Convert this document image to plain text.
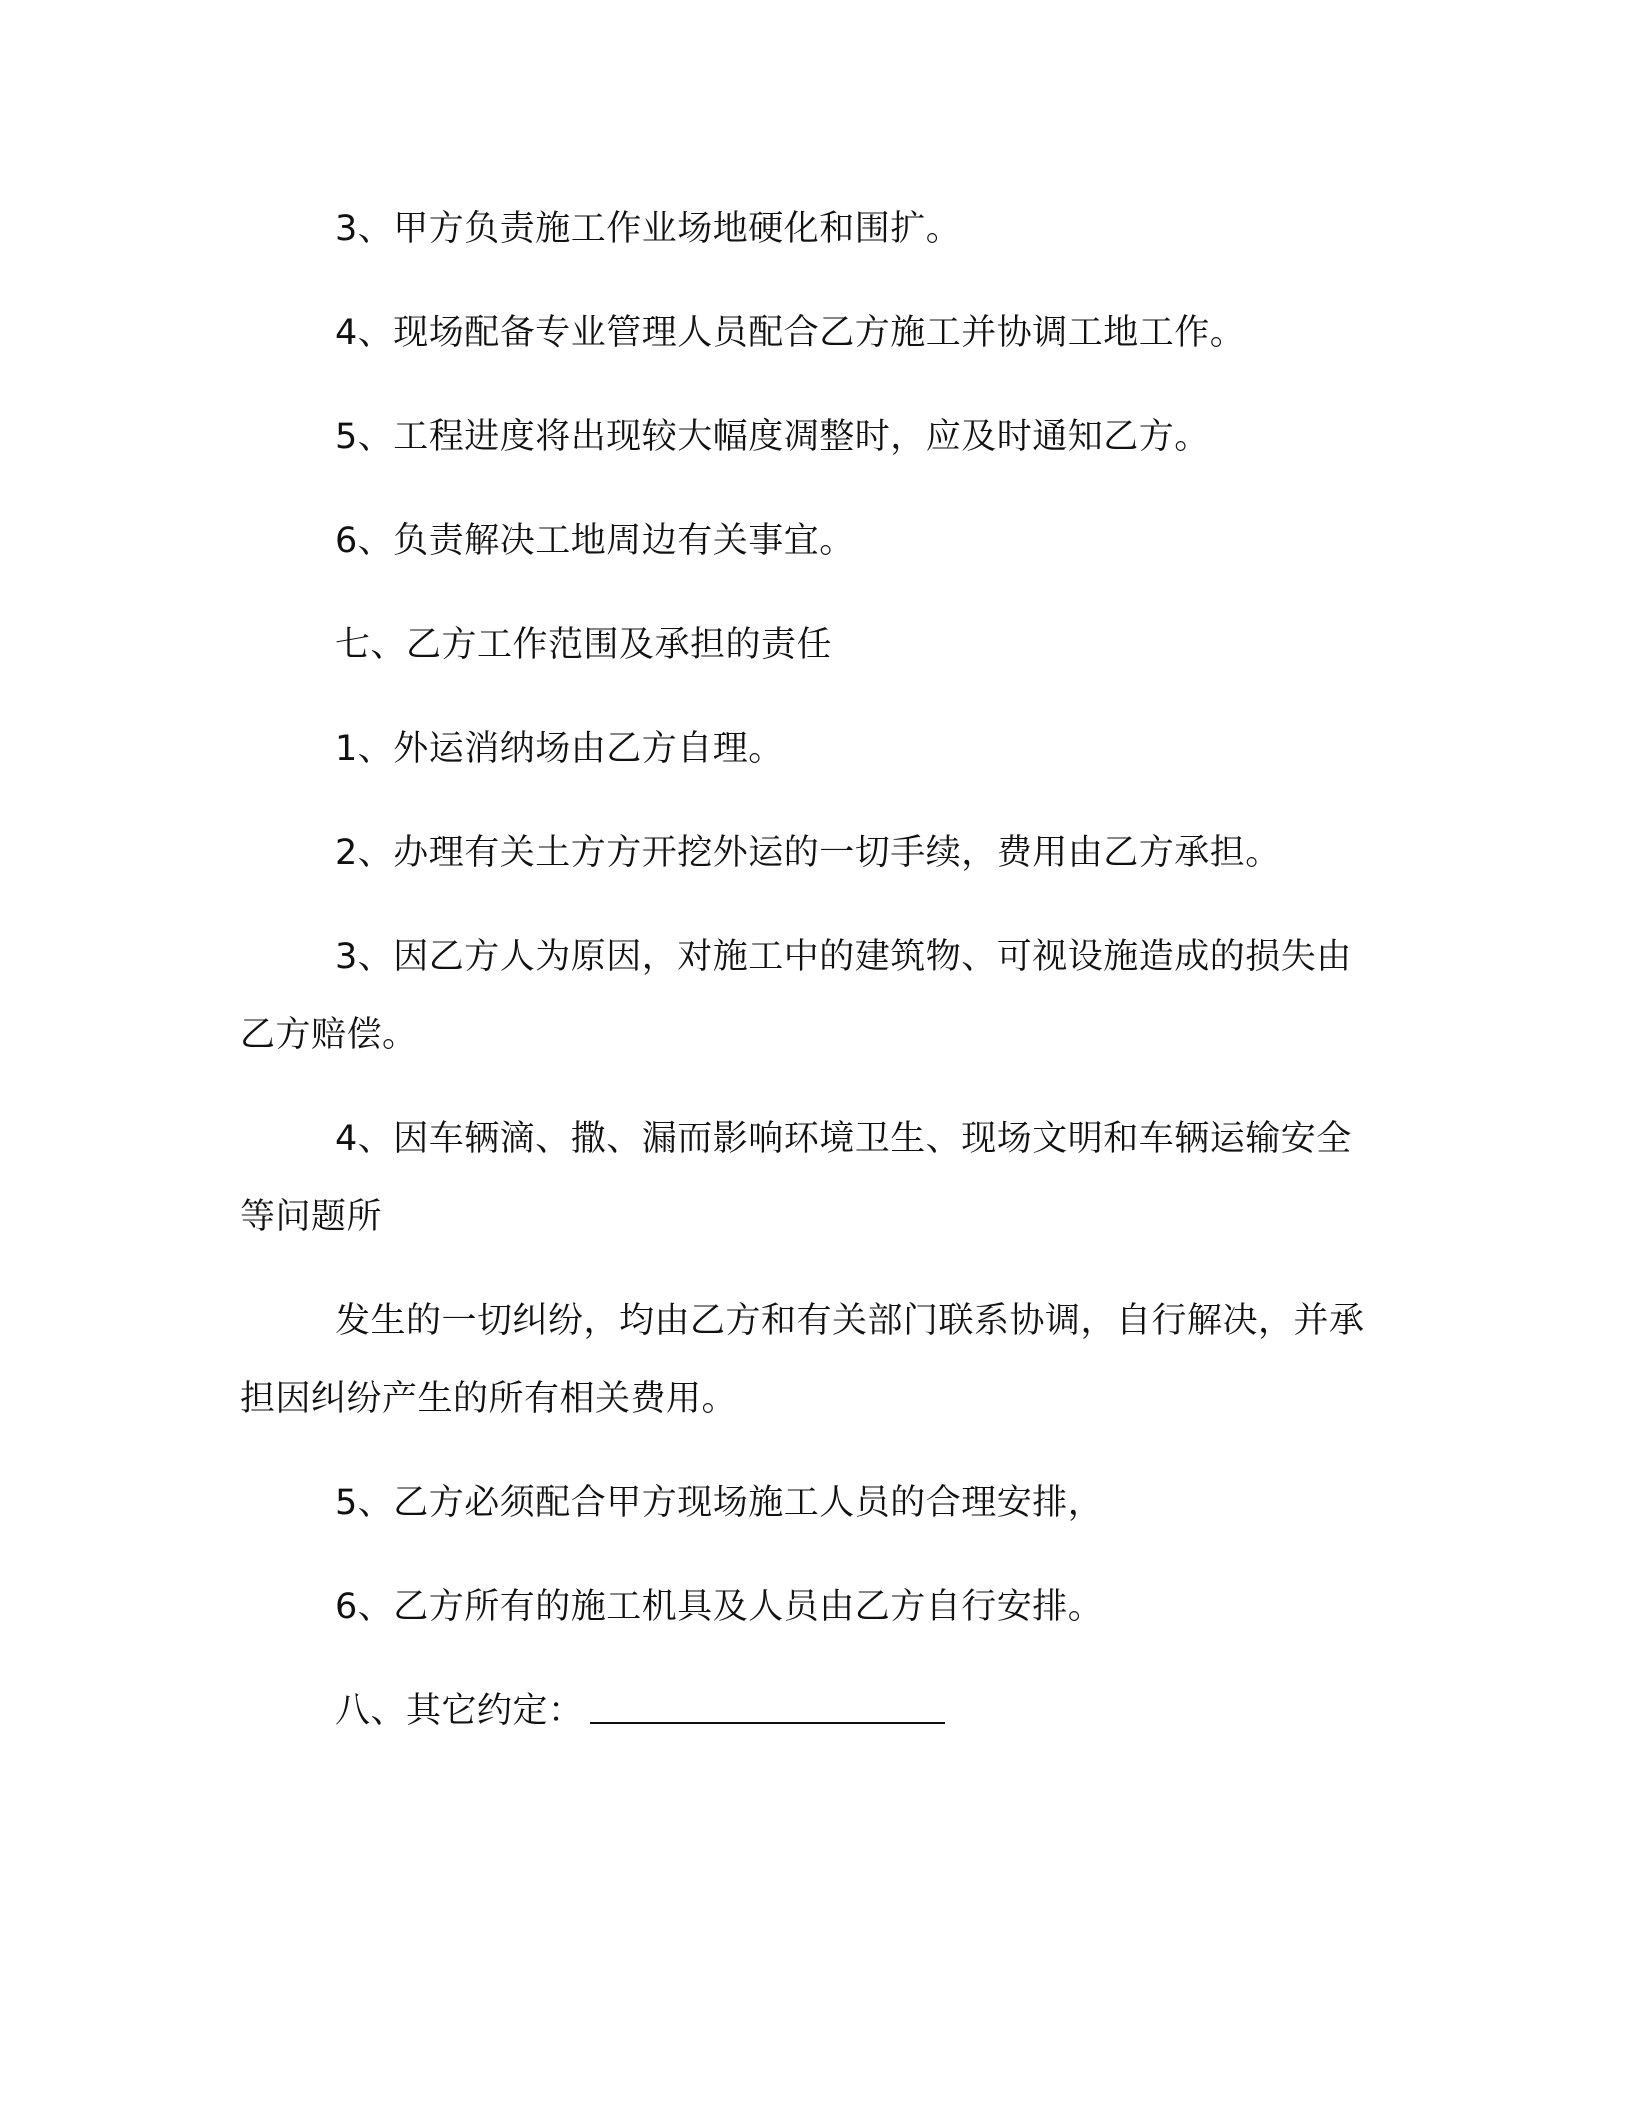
3、甲方负责施工作业场地硬化和围扩。

4、现场配备专业管理人员配合乙方施工并协调工地工作。

5、工程进度将出现较大幅度凋整时，应及时通知乙方。

6、负责解决工地周边有关事宜。

七、乙方工作范围及承担的责任

1、外运消纳场由乙方自理。

2、办理有关土方方开挖外运的一切手续，费用由乙方承担。

3、因乙方人为原因，对施工中的建筑物、可视设施造成的损失由乙方赔偿。

4、因车辆滴、撒、漏而影响环境卫生、现场文明和车辆运输安全等问题所

发生的一切纠纷，均由乙方和有关部门联系协调，自行解决，并承担因纠纷产生的所有相关费用。

5、乙方必须配合甲方现场施工人员的合理安排，

6、乙方所有的施工机具及人员由乙方自行安排。

八、其它约定：
